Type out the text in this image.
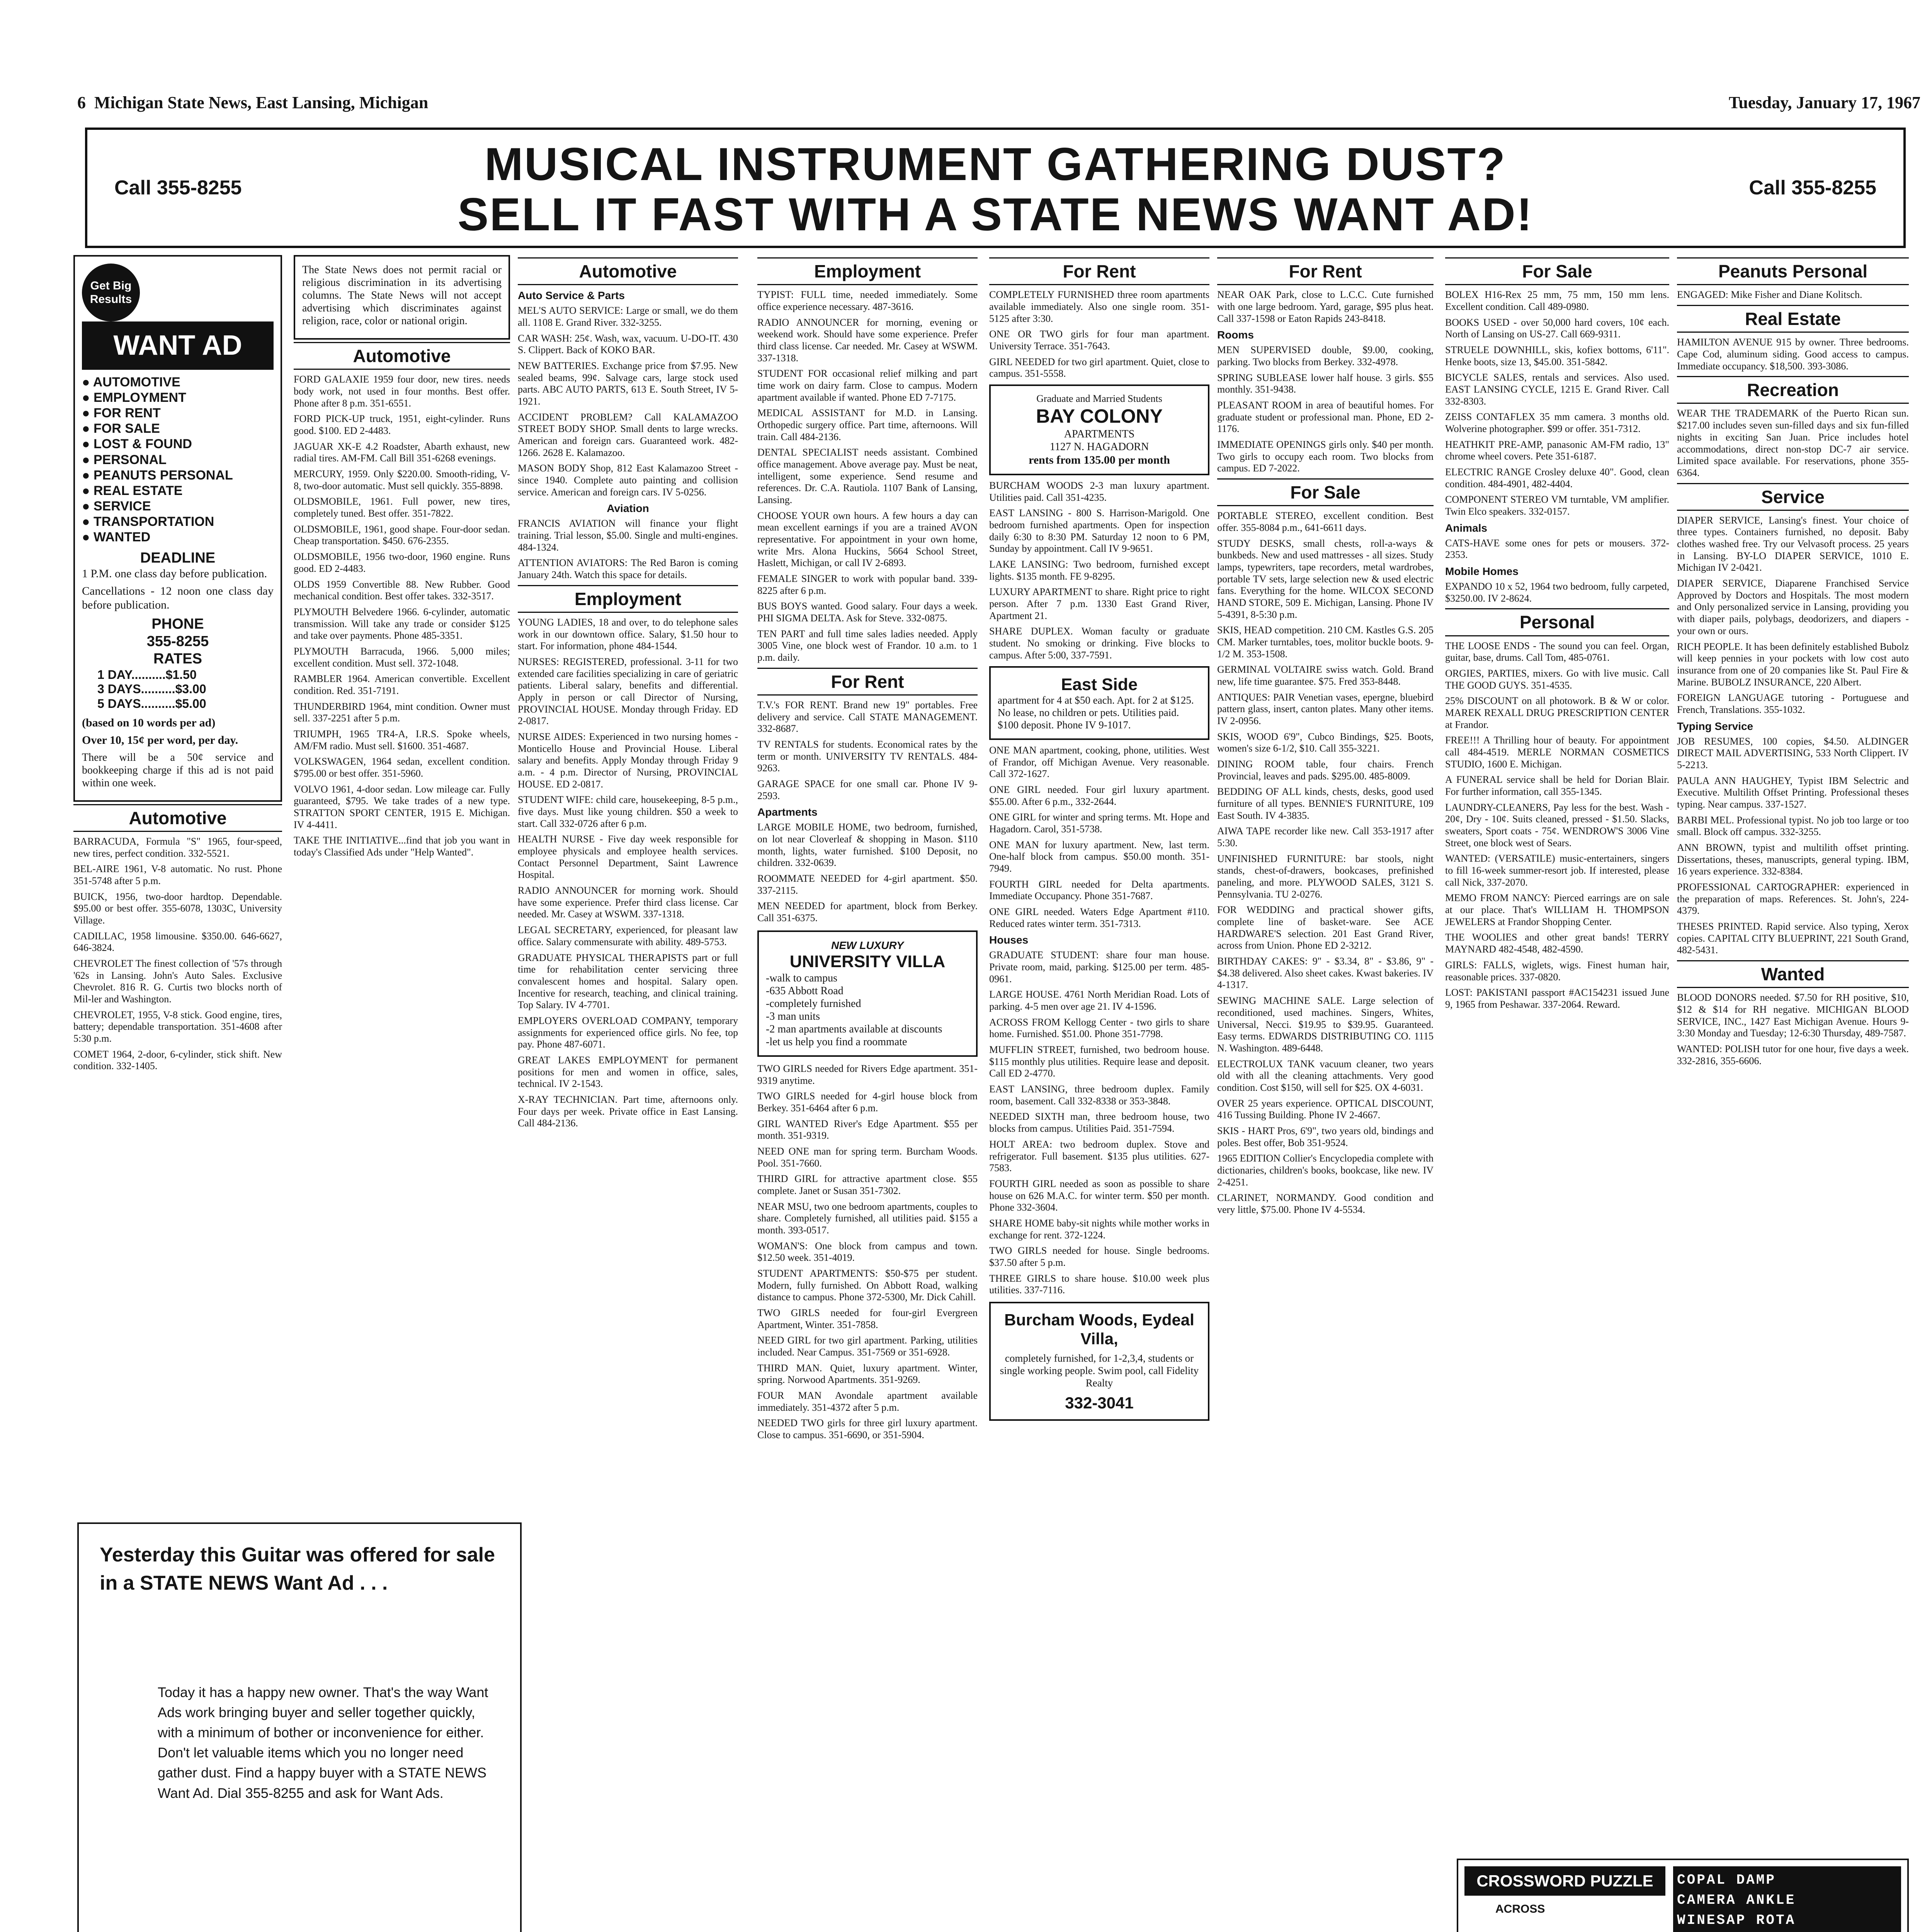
6 Michigan State News, East Lansing, Michigan	Tuesday, January 17, 1967
Call 355-8255	MUSICAL INSTRUMENT GATHERING DUST?
SELL IT FAST WITH A STATE NEWS WANT AD!
Call 355-8255
Get Big Results
WANT AD
● AUTOMOTIVE
● EMPLOYMENT
● FOR RENT
● FOR SALE
● LOST & FOUND
● PERSONAL
● PEANUTS PERSONAL
● REAL ESTATE
● SERVICE
● TRANSPORTATION
● WANTED
DEADLINE

1 P.M. one class day before publication.

Cancellations - 12 noon one class day before publication.

PHONE
355-8255
RATES
1 DAY..........$1.50
3 DAYS..........$3.00
5 DAYS..........$5.00

(based on 10 words per ad)

Over 10, 15¢ per word, per day.

There will be a 50¢ service and bookkeeping charge if this ad is not paid within one week.

Automotive

BARRACUDA, Formula "S" 1965, four-speed, new tires, perfect condition. 332-5521.

BEL-AIRE 1961, V-8 automatic. No rust. Phone 351-5748 after 5 p.m.

BUICK, 1956, two-door hardtop. Dependable. $95.00 or best offer. 355-6078, 1303C, University Village.

CADILLAC, 1958 limousine. $350.00. 646-6627, 646-3824.

CHEVROLET The finest collection of '57s through '62s in Lansing. John's Auto Sales. Exclusive Chevrolet. 816 R. G. Curtis two blocks north of Mil-ler and Washington.

CHEVROLET, 1955, V-8 stick. Good engine, tires, battery; dependable transportation. 351-4608 after 5:30 p.m.

COMET 1964, 2-door, 6-cylinder, stick shift. New condition. 332-1405.

The State News does not permit racial or religious discrimination in its advertising columns. The State News will not accept advertising which discriminates against religion, race, color or national origin.

Automotive

FORD GALAXIE 1959 four door, new tires. needs body work, not used in four months. Best offer. Phone after 8 p.m. 351-6551.

FORD PICK-UP truck, 1951, eight-cylinder. Runs good. $100. ED 2-4483.

JAGUAR XK-E 4.2 Roadster, Abarth exhaust, new radial tires. AM-FM. Call Bill 351-6268 evenings.

MERCURY, 1959. Only $220.00. Smooth-riding, V-8, two-door automatic. Must sell quickly. 355-8898.

OLDSMOBILE, 1961. Full power, new tires, completely tuned. Best offer. 351-7822.

OLDSMOBILE, 1961, good shape. Four-door sedan. Cheap transportation. $450. 676-2355.

OLDSMOBILE, 1956 two-door, 1960 engine. Runs good. ED 2-4483.

OLDS 1959 Convertible 88. New Rubber. Good mechanical condition. Best offer takes. 332-3517.

PLYMOUTH Belvedere 1966. 6-cylinder, automatic transmission. Will take any trade or consider $125 and take over payments. Phone 485-3351.

PLYMOUTH Barracuda, 1966. 5,000 miles; excellent condition. Must sell. 372-1048.

RAMBLER 1964. American convertible. Excellent condition. Red. 351-7191.

THUNDERBIRD 1964, mint condition. Owner must sell. 337-2251 after 5 p.m.

TRIUMPH, 1965 TR4-A, I.R.S. Spoke wheels, AM/FM radio. Must sell. $1600. 351-4687.

VOLKSWAGEN, 1964 sedan, excellent condition. $795.00 or best offer. 351-5960.

VOLVO 1961, 4-door sedan. Low mileage car. Fully guaranteed, $795. We take trades of a new type. STRATTON SPORT CENTER, 1915 E. Michigan. IV 4-4411.

TAKE THE INITIATIVE...find that job you want in today's Classified Ads under "Help Wanted".

Yesterday this Guitar was offered for sale in a STATE NEWS Want Ad . . .
Today it has a happy new owner. That's the way Want Ads work bringing buyer and seller together quickly, with a minimum of bother or inconvenience for either. Don't let valuable items which you no longer need gather dust. Find a happy buyer with a STATE NEWS Want Ad. Dial 355-8255 and ask for Want Ads.
Automotive
Auto Service & Parts

MEL'S AUTO SERVICE: Large or small, we do them all. 1108 E. Grand River. 332-3255.

CAR WASH: 25¢. Wash, wax, vacuum. U-DO-IT. 430 S. Clippert. Back of KOKO BAR.

NEW BATTERIES. Exchange price from $7.95. New sealed beams, 99¢. Salvage cars, large stock used parts. ABC AUTO PARTS, 613 E. South Street, IV 5-1921.

ACCIDENT PROBLEM? Call KALAMAZOO STREET BODY SHOP. Small dents to large wrecks. American and foreign cars. Guaranteed work. 482-1266. 2628 E. Kalamazoo.

MASON BODY Shop, 812 East Kalamazoo Street - since 1940. Complete auto painting and collision service. American and foreign cars. IV 5-0256.

Aviation

FRANCIS AVIATION will finance your flight training. Trial lesson, $5.00. Single and multi-engines. 484-1324.

ATTENTION AVIATORS: The Red Baron is coming January 24th. Watch this space for details.

Employment

YOUNG LADIES, 18 and over, to do telephone sales work in our downtown office. Salary, $1.50 hour to start. For information, phone 484-1544.

NURSES: REGISTERED, professional. 3-11 for two extended care facilities specializing in care of geriatric patients. Liberal salary, benefits and differential. Apply in person or call Director of Nursing, PROVINCIAL HOUSE. Monday through Friday. ED 2-0817.

NURSE AIDES: Experienced in two nursing homes - Monticello House and Provincial House. Liberal salary and benefits. Apply Monday through Friday 9 a.m. - 4 p.m. Director of Nursing, PROVINCIAL HOUSE. ED 2-0817.

STUDENT WIFE: child care, housekeeping, 8-5 p.m., five days. Must like young children. $50 a week to start. Call 332-0726 after 6 p.m.

HEALTH NURSE - Five day week responsible for employee physicals and employee health services. Contact Personnel Department, Saint Lawrence Hospital.

RADIO ANNOUNCER for morning work. Should have some experience. Prefer third class license. Car needed. Mr. Casey at WSWM. 337-1318.

LEGAL SECRETARY, experienced, for pleasant law office. Salary commensurate with ability. 489-5753.

GRADUATE PHYSICAL THERAPISTS part or full time for rehabilitation center servicing three convalescent homes and hospital. Salary open. Incentive for research, teaching, and clinical training. Top Salary. IV 4-7701.

EMPLOYERS OVERLOAD COMPANY, temporary assignments for experienced office girls. No fee, top pay. Phone 487-6071.

GREAT LAKES EMPLOYMENT for permanent positions for men and women in office, sales, technical. IV 2-1543.

X-RAY TECHNICIAN. Part time, afternoons only. Four days per week. Private office in East Lansing. Call 484-2136.

Employment

TYPIST: FULL time, needed immediately. Some office experience necessary. 487-3616.

RADIO ANNOUNCER for morning, evening or weekend work. Should have some experience. Prefer third class license. Car needed. Mr. Casey at WSWM. 337-1318.

STUDENT FOR occasional relief milking and part time work on dairy farm. Close to campus. Modern apartment available if wanted. Phone ED 7-7175.

MEDICAL ASSISTANT for M.D. in Lansing. Orthopedic surgery office. Part time, afternoons. Will train. Call 484-2136.

DENTAL SPECIALIST needs assistant. Combined office management. Above average pay. Must be neat, intelligent, some experience. Send resume and references. Dr. C.A. Rautiola. 1107 Bank of Lansing, Lansing.

CHOOSE YOUR own hours. A few hours a day can mean excellent earnings if you are a trained AVON representative. For appointment in your own home, write Mrs. Alona Huckins, 5664 School Street, Haslett, Michigan, or call IV 2-6893.

FEMALE SINGER to work with popular band. 339-8225 after 6 p.m.

BUS BOYS wanted. Good salary. Four days a week. PHI SIGMA DELTA. Ask for Steve. 332-0875.

TEN PART and full time sales ladies needed. Apply 3005 Vine, one block west of Frandor. 10 a.m. to 1 p.m. daily.

For Rent

T.V.'s FOR RENT. Brand new 19" portables. Free delivery and service. Call STATE MANAGEMENT. 332-8687.

TV RENTALS for students. Economical rates by the term or month. UNIVERSITY TV RENTALS. 484-9263.

GARAGE SPACE for one small car. Phone IV 9-2593.

Apartments

LARGE MOBILE HOME, two bedroom, furnished, on lot near Cloverleaf & shopping in Mason. $110 month, lights, water furnished. $100 Deposit, no children. 332-0639.

ROOMMATE NEEDED for 4-girl apartment. $50. 337-2115.

MEN NEEDED for apartment, block from Berkey. Call 351-6375.

NEW LUXURY
UNIVERSITY VILLA
-walk to campus
-635 Abbott Road
-completely furnished
-3 man units
-2 man apartments available at discounts
-let us help you find a roommate

TWO GIRLS needed for Rivers Edge apartment. 351-9319 anytime.

TWO GIRLS needed for 4-girl house block from Berkey. 351-6464 after 6 p.m.

GIRL WANTED River's Edge Apartment. $55 per month. 351-9319.

NEED ONE man for spring term. Burcham Woods. Pool. 351-7660.

THIRD GIRL for attractive apartment close. $55 complete. Janet or Susan 351-7302.

NEAR MSU, two one bedroom apartments, couples to share. Completely furnished, all utilities paid. $155 a month. 393-0517.

WOMAN'S: One block from campus and town. $12.50 week. 351-4019.

STUDENT APARTMENTS: $50-$75 per student. Modern, fully furnished. On Abbott Road, walking distance to campus. Phone 372-5300, Mr. Dick Cahill.

TWO GIRLS needed for four-girl Evergreen Apartment, Winter. 351-7858.

NEED GIRL for two girl apartment. Parking, utilities included. Near Campus. 351-7569 or 351-6928.

THIRD MAN. Quiet, luxury apartment. Winter, spring. Norwood Apartments. 351-9269.

FOUR MAN Avondale apartment available immediately. 351-4372 after 5 p.m.

NEEDED TWO girls for three girl luxury apartment. Close to campus. 351-6690, or 351-5904.

For Rent

COMPLETELY FURNISHED three room apartments available immediately. Also one single room. 351-5125 after 3:30.

ONE OR TWO girls for four man apartment. University Terrace. 351-7643.

GIRL NEEDED for two girl apartment. Quiet, close to campus. 351-5558.

Graduate and Married Students
BAY COLONY
APARTMENTS
1127 N. HAGADORN
rents from 135.00 per month

BURCHAM WOODS 2-3 man luxury apartment. Utilities paid. Call 351-4235.

EAST LANSING - 800 S. Harrison-Marigold. One bedroom furnished apartments. Open for inspection daily 6:30 to 8:30 PM. Saturday 12 noon to 6 PM, Sunday by appointment. Call IV 9-9651.

LAKE LANSING: Two bedroom, furnished except lights. $135 month. FE 9-8295.

LUXURY APARTMENT to share. Right price to right person. After 7 p.m. 1330 East Grand River, Apartment 21.

SHARE DUPLEX. Woman faculty or graduate student. No smoking or drinking. Five blocks to campus. After 5:00, 337-7591.

East Side
apartment for 4 at $50 each. Apt. for 2 at $125. No lease, no children or pets. Utilities paid. $100 deposit. Phone IV 9-1017.

ONE MAN apartment, cooking, phone, utilities. West of Frandor, off Michigan Avenue. Very reasonable. Call 372-1627.

ONE GIRL needed. Four girl luxury apartment. $55.00. After 6 p.m., 332-2644.

ONE GIRL for winter and spring terms. Mt. Hope and Hagadorn. Carol, 351-5738.

ONE MAN for luxury apartment. New, last term. One-half block from campus. $50.00 month. 351-7949.

FOURTH GIRL needed for Delta apartments. Immediate Occupancy. Phone 351-7687.

ONE GIRL needed. Waters Edge Apartment #110. Reduced rates winter term. 351-7313.

Houses

GRADUATE STUDENT: share four man house. Private room, maid, parking. $125.00 per term. 485-0961.

LARGE HOUSE. 4761 North Meridian Road. Lots of parking. 4-5 men over age 21. IV 4-1596.

ACROSS FROM Kellogg Center - two girls to share home. Furnished. $51.00. Phone 351-7798.

MUFFLIN STREET, furnished, two bedroom house. $115 monthly plus utilities. Require lease and deposit. Call ED 2-4770.

EAST LANSING, three bedroom duplex. Family room, basement. Call 332-8338 or 353-3848.

NEEDED SIXTH man, three bedroom house, two blocks from campus. Utilities Paid. 351-7594.

HOLT AREA: two bedroom duplex. Stove and refrigerator. Full basement. $135 plus utilities. 627-7583.

FOURTH GIRL needed as soon as possible to share house on 626 M.A.C. for winter term. $50 per month. Phone 332-3604.

SHARE HOME baby-sit nights while mother works in exchange for rent. 372-1224.

TWO GIRLS needed for house. Single bedrooms. $37.50 after 5 p.m.

THREE GIRLS to share house. $10.00 week plus utilities. 337-7116.

Burcham Woods, Eydeal Villa,
completely furnished, for 1-2,3,4, students or single working people. Swim pool, call Fidelity Realty
332-3041
For Rent

NEAR OAK Park, close to L.C.C. Cute furnished with one large bedroom. Yard, garage, $95 plus heat. Call 337-1598 or Eaton Rapids 243-8418.

Rooms

MEN SUPERVISED double, $9.00, cooking, parking. Two blocks from Berkey. 332-4978.

SPRING SUBLEASE lower half house. 3 girls. $55 monthly. 351-9438.

PLEASANT ROOM in area of beautiful homes. For graduate student or professional man. Phone, ED 2-1176.

IMMEDIATE OPENINGS girls only. $40 per month. Two girls to occupy each room. Two blocks from campus. ED 7-2022.

For Sale

PORTABLE STEREO, excellent condition. Best offer. 355-8084 p.m., 641-6611 days.

STUDY DESKS, small chests, roll-a-ways & bunkbeds. New and used mattresses - all sizes. Study lamps, typewriters, tape recorders, metal wardrobes, portable TV sets, large selection new & used electric fans. Everything for the home. WILCOX SECOND HAND STORE, 509 E. Michigan, Lansing. Phone IV 5-4391, 8-5:30 p.m.

SKIS, HEAD competition. 210 CM. Kastles G.S. 205 CM. Marker turntables, toes, molitor buckle boots. 9-1/2 M. 353-1508.

GERMINAL VOLTAIRE swiss watch. Gold. Brand new, life time guarantee. $75. Fred 353-8448.

ANTIQUES: PAIR Venetian vases, epergne, bluebird pattern glass, insert, canton plates. Many other items. IV 2-0956.

SKIS, WOOD 6'9", Cubco Bindings, $25. Boots, women's size 6-1/2, $10. Call 355-3221.

DINING ROOM table, four chairs. French Provincial, leaves and pads. $295.00. 485-8009.

BEDDING OF ALL kinds, chests, desks, good used furniture of all types. BENNIE'S FURNITURE, 109 East South. IV 4-3835.

AIWA TAPE recorder like new. Call 353-1917 after 5:30.

UNFINISHED FURNITURE: bar stools, night stands, chest-of-drawers, bookcases, prefinished paneling, and more. PLYWOOD SALES, 3121 S. Pennsylvania. TU 2-0276.

FOR WEDDING and practical shower gifts, complete line of basket-ware. See ACE HARDWARE'S selection. 201 East Grand River, across from Union. Phone ED 2-3212.

BIRTHDAY CAKES: 9" - $3.34, 8" - $3.86, 9" - $4.38 delivered. Also sheet cakes. Kwast bakeries. IV 4-1317.

SEWING MACHINE SALE. Large selection of reconditioned, used machines. Singers, Whites, Universal, Necci. $19.95 to $39.95. Guaranteed. Easy terms. EDWARDS DISTRIBUTING CO. 1115 N. Washington. 489-6448.

ELECTROLUX TANK vacuum cleaner, two years old with all the cleaning attachments. Very good condition. Cost $150, will sell for $25. OX 4-6031.

OVER 25 years experience. OPTICAL DISCOUNT, 416 Tussing Building. Phone IV 2-4667.

SKIS - HART Pros, 6'9", two years old, bindings and poles. Best offer, Bob 351-9524.

1965 EDITION Collier's Encyclopedia complete with dictionaries, children's books, bookcase, like new. IV 2-4251.

CLARINET, NORMANDY. Good condition and very little, $75.00. Phone IV 4-5534.

For Sale

BOLEX H16-Rex 25 mm, 75 mm, 150 mm lens. Excellent condition. Call 489-0980.

BOOKS USED - over 50,000 hard covers, 10¢ each. North of Lansing on US-27. Call 669-9311.

STRUELE DOWNHILL, skis, kofiex bottoms, 6'11". Henke boots, size 13, $45.00. 351-5842.

BICYCLE SALES, rentals and services. Also used. EAST LANSING CYCLE, 1215 E. Grand River. Call 332-8303.

ZEISS CONTAFLEX 35 mm camera. 3 months old. Wolverine photographer. $99 or offer. 351-7312.

HEATHKIT PRE-AMP, panasonic AM-FM radio, 13" chrome wheel covers. Pete 351-6187.

ELECTRIC RANGE Crosley deluxe 40". Good, clean condition. 484-4901, 482-4404.

COMPONENT STEREO VM turntable, VM amplifier. Twin Elco speakers. 332-0157.

Animals

CATS-HAVE some ones for pets or mousers. 372-2353.

Mobile Homes

EXPANDO 10 x 52, 1964 two bedroom, fully carpeted, $3250.00. IV 2-8624.

Personal

THE LOOSE ENDS - The sound you can feel. Organ, guitar, base, drums. Call Tom, 485-0761.

ORGIES, PARTIES, mixers. Go with live music. Call THE GOOD GUYS. 351-4535.

25% DISCOUNT on all photowork. B & W or color. MAREK REXALL DRUG PRESCRIPTION CENTER at Frandor.

FREE!!! A Thrilling hour of beauty. For appointment call 484-4519. MERLE NORMAN COSMETICS STUDIO, 1600 E. Michigan.

A FUNERAL service shall be held for Dorian Blair. For further information, call 355-1345.

LAUNDRY-CLEANERS, Pay less for the best. Wash - 20¢, Dry - 10¢. Suits cleaned, pressed - $1.50. Slacks, sweaters, Sport coats - 75¢. WENDROW'S 3006 Vine Street, one block west of Sears.

WANTED: (VERSATILE) music-entertainers, singers to fill 16-week summer-resort job. If interested, please call Nick, 337-2070.

MEMO FROM NANCY: Pierced earrings are on sale at our place. That's WILLIAM H. THOMPSON JEWELERS at Frandor Shopping Center.

THE WOOLIES and other great bands! TERRY MAYNARD 482-4548, 482-4590.

GIRLS: FALLS, wiglets, wigs. Finest human hair, reasonable prices. 337-0820.

LOST: PAKISTANI passport #AC154231 issued June 9, 1965 from Peshawar. 337-2064. Reward.

Peanuts Personal

ENGAGED: Mike Fisher and Diane Kolitsch.

Real Estate

HAMILTON AVENUE 915 by owner. Three bedrooms. Cape Cod, aluminum siding. Good access to campus. Immediate occupancy. $18,500. 393-3086.

Recreation

WEAR THE TRADEMARK of the Puerto Rican sun. $217.00 includes seven sun-filled days and six fun-filled nights in exciting San Juan. Price includes hotel accommodations, direct non-stop DC-7 air service. Limited space available. For reservations, phone 355-6364.

Service

DIAPER SERVICE, Lansing's finest. Your choice of three types. Containers furnished, no deposit. Baby clothes washed free. Try our Velvasoft process. 25 years in Lansing. BY-LO DIAPER SERVICE, 1010 E. Michigan IV 2-0421.

DIAPER SERVICE, Diaparene Franchised Service Approved by Doctors and Hospitals. The most modern and Only personalized service in Lansing, providing you with diaper pails, polybags, deodorizers, and diapers - your own or ours.

RICH PEOPLE. It has been definitely established Bubolz will keep pennies in your pockets with low cost auto insurance from one of 20 companies like St. Paul Fire & Marine. BUBOLZ INSURANCE, 220 Albert.

FOREIGN LANGUAGE tutoring - Portuguese and French, Translations. 355-1032.

Typing Service

JOB RESUMES, 100 copies, $4.50. ALDINGER DIRECT MAIL ADVERTISING, 533 North Clippert. IV 5-2213.

PAULA ANN HAUGHEY, Typist IBM Selectric and Executive. Multilith Offset Printing. Professional theses typing. Near campus. 337-1527.

BARBI MEL. Professional typist. No job too large or too small. Block off campus. 332-3255.

ANN BROWN, typist and multilith offset printing. Dissertations, theses, manuscripts, general typing. IBM, 16 years experience. 332-8384.

PROFESSIONAL CARTOGRAPHER: experienced in the preparation of maps. References. St. John's, 224-4379.

THESES PRINTED. Rapid service. Also typing, Xerox copies. CAPITAL CITY BLUEPRINT, 221 South Grand, 482-5431.

Wanted

BLOOD DONORS needed. $7.50 for RH positive, $10, $12 & $14 for RH negative. MICHIGAN BLOOD SERVICE, INC., 1427 East Michigan Avenue. Hours 9-3:30 Monday and Tuesday; 12-6:30 Thursday, 489-7587.

WANTED: POLISH tutor for one hour, five days a week. 332-2816, 355-6606.

CROSSWORD PUZZLE
ACROSS
COPAL DAMP
CAMERA ANKLE
WINESAP ROTA
